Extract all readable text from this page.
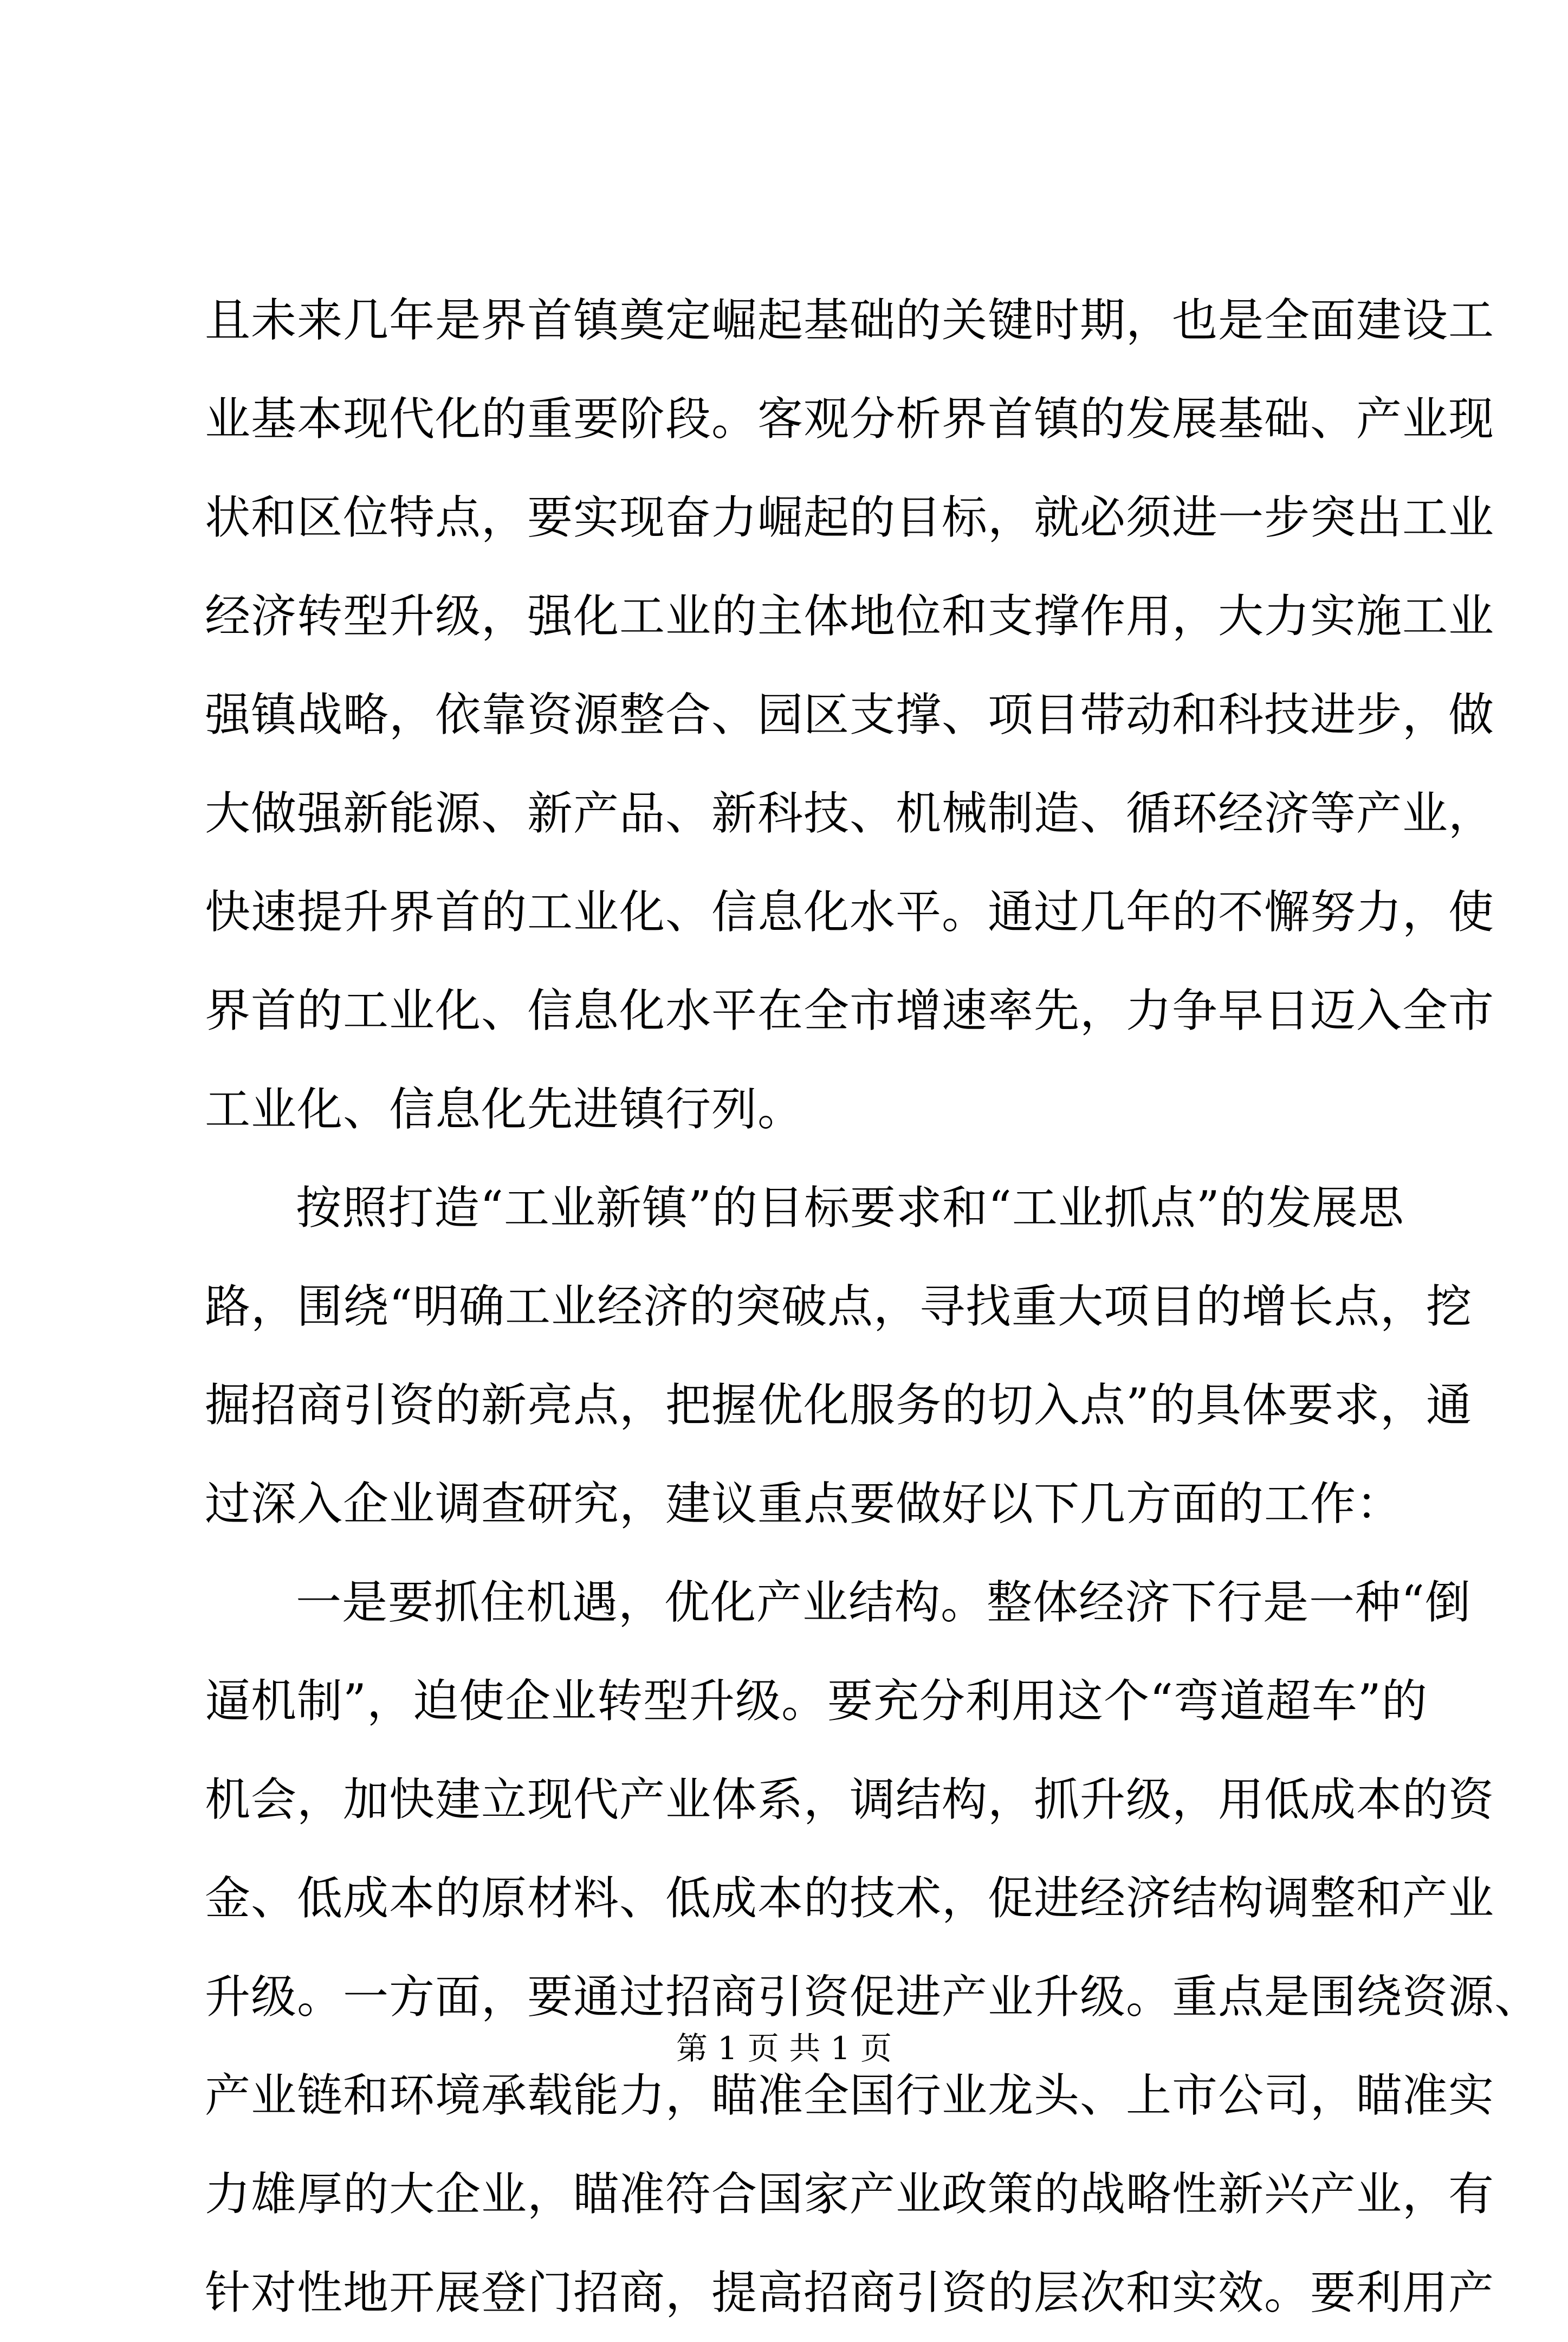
且未来几年是界首镇奠定崛起基础的关键时期，也是全面建设工
业基本现代化的重要阶段。客观分析界首镇的发展基础、产业现
状和区位特点，要实现奋力崛起的目标，就必须进一步突出工业
经济转型升级，强化工业的主体地位和支撑作用，大力实施工业
强镇战略，依靠资源整合、园区支撑、项目带动和科技进步，做
大做强新能源、新产品、新科技、机械制造、循环经济等产业，
快速提升界首的工业化、信息化水平。通过几年的不懈努力，使
界首的工业化、信息化水平在全市增速率先，力争早日迈入全市
工业化、信息化先进镇行列。
按照打造“工业新镇”的目标要求和“工业抓点”的发展思
路，围绕“明确工业经济的突破点，寻找重大项目的增长点，挖
掘招商引资的新亮点，把握优化服务的切入点”的具体要求，通
过深入企业调查研究，建议重点要做好以下几方面的工作：
一是要抓住机遇，优化产业结构。整体经济下行是一种“倒
逼机制”，迫使企业转型升级。要充分利用这个“弯道超车”的
机会，加快建立现代产业体系，调结构，抓升级，用低成本的资
金、低成本的原材料、低成本的技术，促进经济结构调整和产业
升级。一方面，要通过招商引资促进产业升级。重点是围绕资源、
产业链和环境承载能力，瞄准全国行业龙头、上市公司，瞄准实
力雄厚的大企业，瞄准符合国家产业政策的战略性新兴产业，有
针对性地开展登门招商，提高招商引资的层次和实效。要利用产
第 1 页 共 1 页
